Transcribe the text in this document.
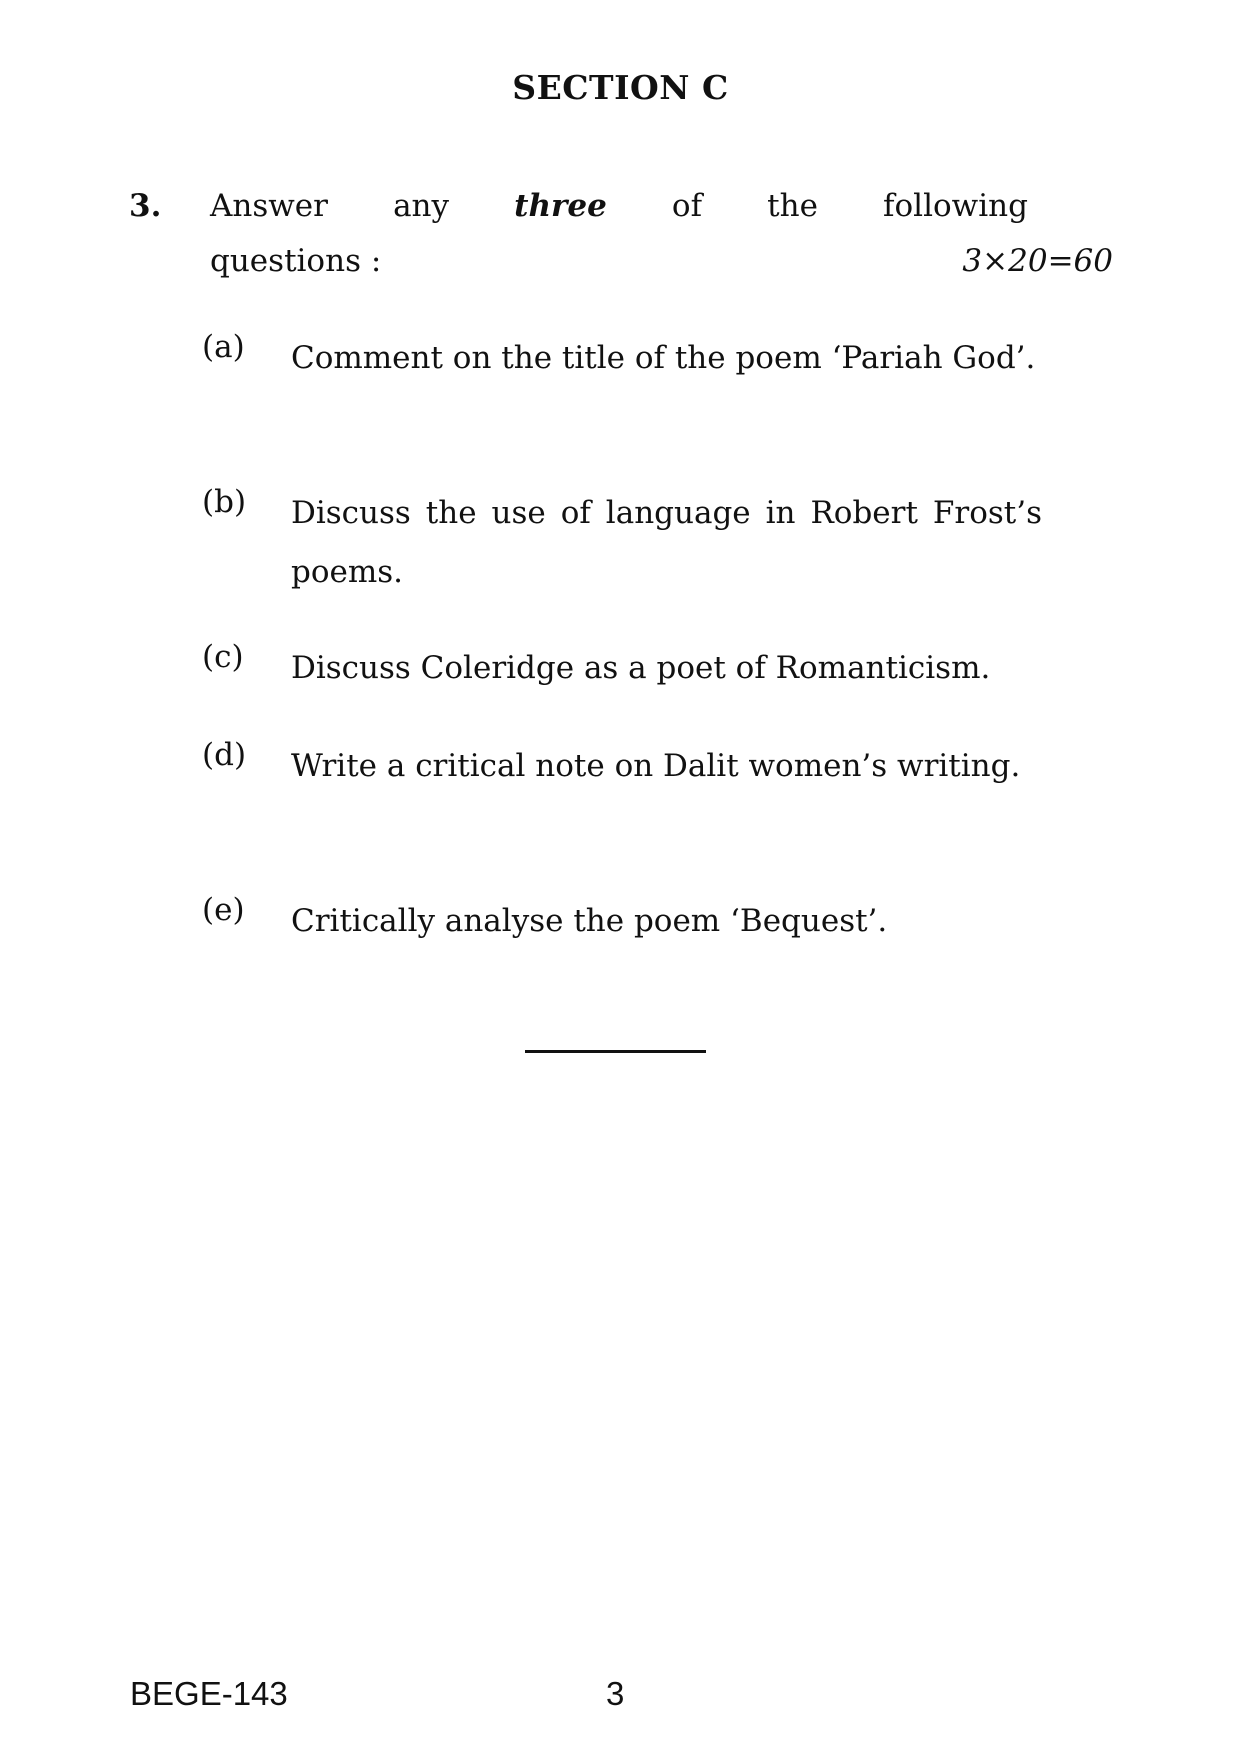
SECTION C
3. Answer any three of the following
questions :	3×20=60
(a) Comment on the title of the poem ‘Pariah God’.
(b) Discuss the use of language in Robert Frost’s poems.
(c) Discuss Coleridge as a poet of Romanticism.
(d) Write a critical note on Dalit women’s writing.
(e) Critically analyse the poem ‘Bequest’.
BEGE-143	3
